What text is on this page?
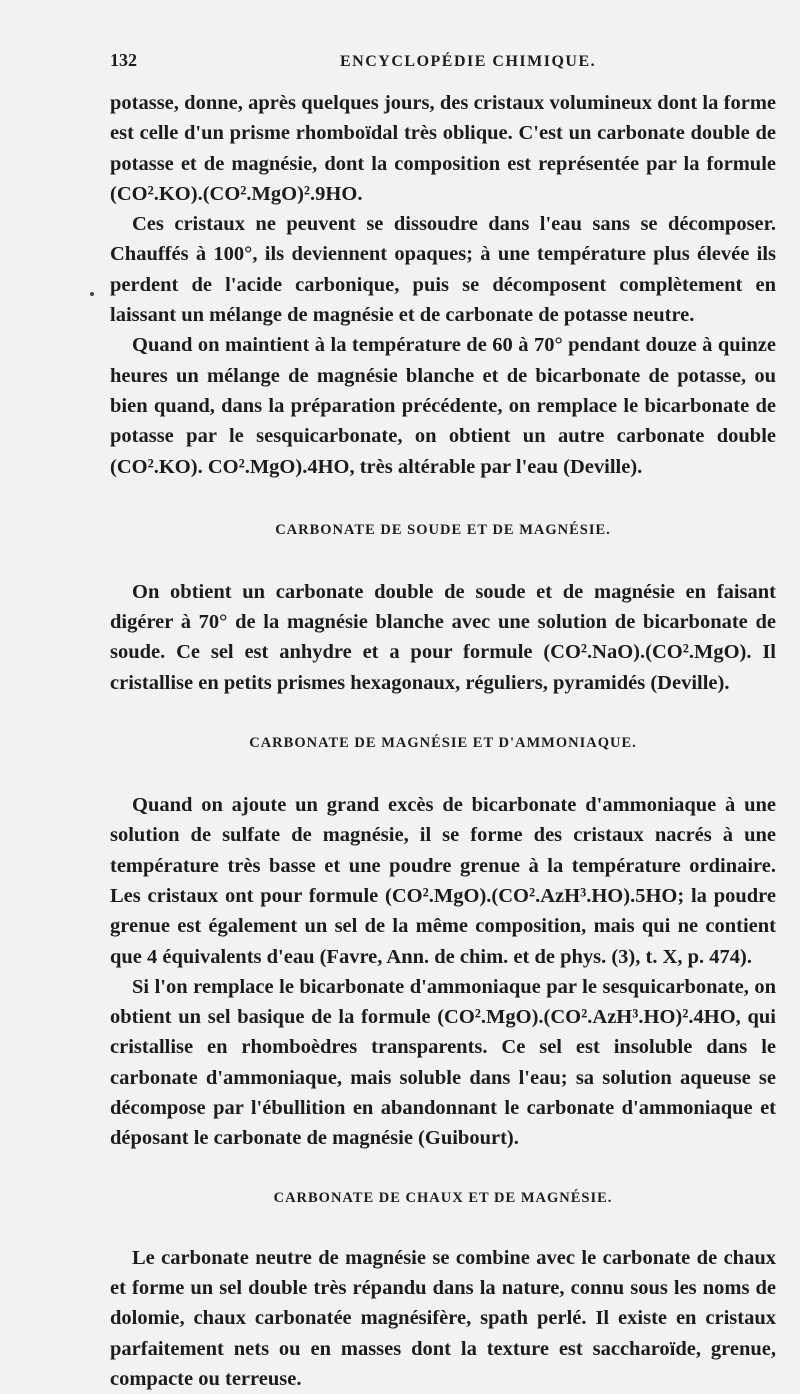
132	ENCYCLOPÉDIE CHIMIQUE.

potasse, donne, après quelques jours, des cristaux volumineux dont la forme est celle d'un prisme rhomboïdal très oblique. C'est un carbonate double de potasse et de magnésie, dont la composition est représentée par la formule (CO².KO).(CO².MgO)².9HO.

Ces cristaux ne peuvent se dissoudre dans l'eau sans se décomposer. Chauffés à 100°, ils deviennent opaques; à une température plus élevée ils perdent de l'acide carbonique, puis se décomposent complètement en laissant un mélange de magnésie et de carbonate de potasse neutre.

Quand on maintient à la température de 60 à 70° pendant douze à quinze heures un mélange de magnésie blanche et de bicarbonate de potasse, ou bien quand, dans la préparation précédente, on remplace le bicarbonate de potasse par le sesquicarbonate, on obtient un autre carbonate double (CO².KO). CO².MgO).4HO, très altérable par l'eau (Deville).

CARBONATE DE SOUDE ET DE MAGNÉSIE.

On obtient un carbonate double de soude et de magnésie en faisant digérer à 70° de la magnésie blanche avec une solution de bicarbonate de soude. Ce sel est anhydre et a pour formule (CO².NaO).(CO².MgO). Il cristallise en petits prismes hexagonaux, réguliers, pyramidés (Deville).

CARBONATE DE MAGNÉSIE ET D'AMMONIAQUE.

Quand on ajoute un grand excès de bicarbonate d'ammoniaque à une solution de sulfate de magnésie, il se forme des cristaux nacrés à une température très basse et une poudre grenue à la température ordinaire. Les cristaux ont pour formule (CO².MgO).(CO².AzH³.HO).5HO; la poudre grenue est également un sel de la même composition, mais qui ne contient que 4 équivalents d'eau (Favre, Ann. de chim. et de phys. (3), t. X, p. 474).

Si l'on remplace le bicarbonate d'ammoniaque par le sesquicarbonate, on obtient un sel basique de la formule (CO².MgO).(CO².AzH³.HO)².4HO, qui cristallise en rhomboèdres transparents. Ce sel est insoluble dans le carbonate d'ammoniaque, mais soluble dans l'eau; sa solution aqueuse se décompose par l'ébullition en abandonnant le carbonate d'ammoniaque et déposant le carbonate de magnésie (Guibourt).

CARBONATE DE CHAUX ET DE MAGNÉSIE.

Le carbonate neutre de magnésie se combine avec le carbonate de chaux et forme un sel double très répandu dans la nature, connu sous les noms de dolomie, chaux carbonatée magnésifère, spath perlé. Il existe en cristaux parfaitement nets ou en masses dont la texture est saccharoïde, grenue, compacte ou terreuse.
